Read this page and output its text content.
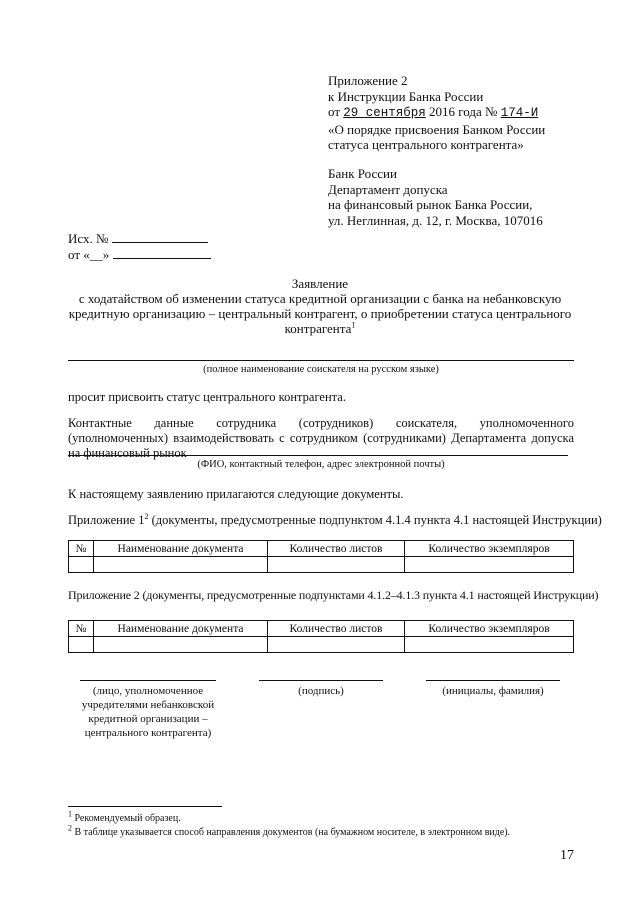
Приложение 2
к Инструкции Банка России
от 29 сентября 2016 года № 174-И
«О порядке присвоения Банком России
статуса центрального контрагента»
Банк России
Департамент допуска
на финансовый рынок Банка России,
ул. Неглинная, д. 12, г. Москва, 107016
Исх. №
от «__»
Заявление
с ходатайством об изменении статуса кредитной организации с банка на небанковскую
кредитную организацию – центральный контрагент, о приобретении статуса центрального
контрагента$^1$
(полное наименование соискателя на русском языке)
просит присвоить статус центрального контрагента.
Контактные данные сотрудника (сотрудников) соискателя, уполномоченного (уполномоченных) взаимодействовать с сотрудником (сотрудниками) Департамента допуска на финансовый рынок
(ФИО, контактный телефон, адрес электронной почты)
К настоящему заявлению прилагаются следующие документы.
Приложение $1^2$ (документы, предусмотренные подпунктом 4.1.4 пункта 4.1 настоящей Инструкции)
№	Наименование документа	Количество листов	Количество экземпляров

Приложение 2 (документы, предусмотренные подпунктами 4.1.2–4.1.3 пункта 4.1 настоящей Инструкции)
№	Наименование документа	Количество листов	Количество экземпляров

(лицо, уполномоченное учредителями небанковской кредитной организации – центрального контрагента)
(подпись)	(инициалы, фамилия)
$^1$ Рекомендуемый образец.
$^2$ В таблице указывается способ направления документов (на бумажном носителе, в электронном виде).
17
